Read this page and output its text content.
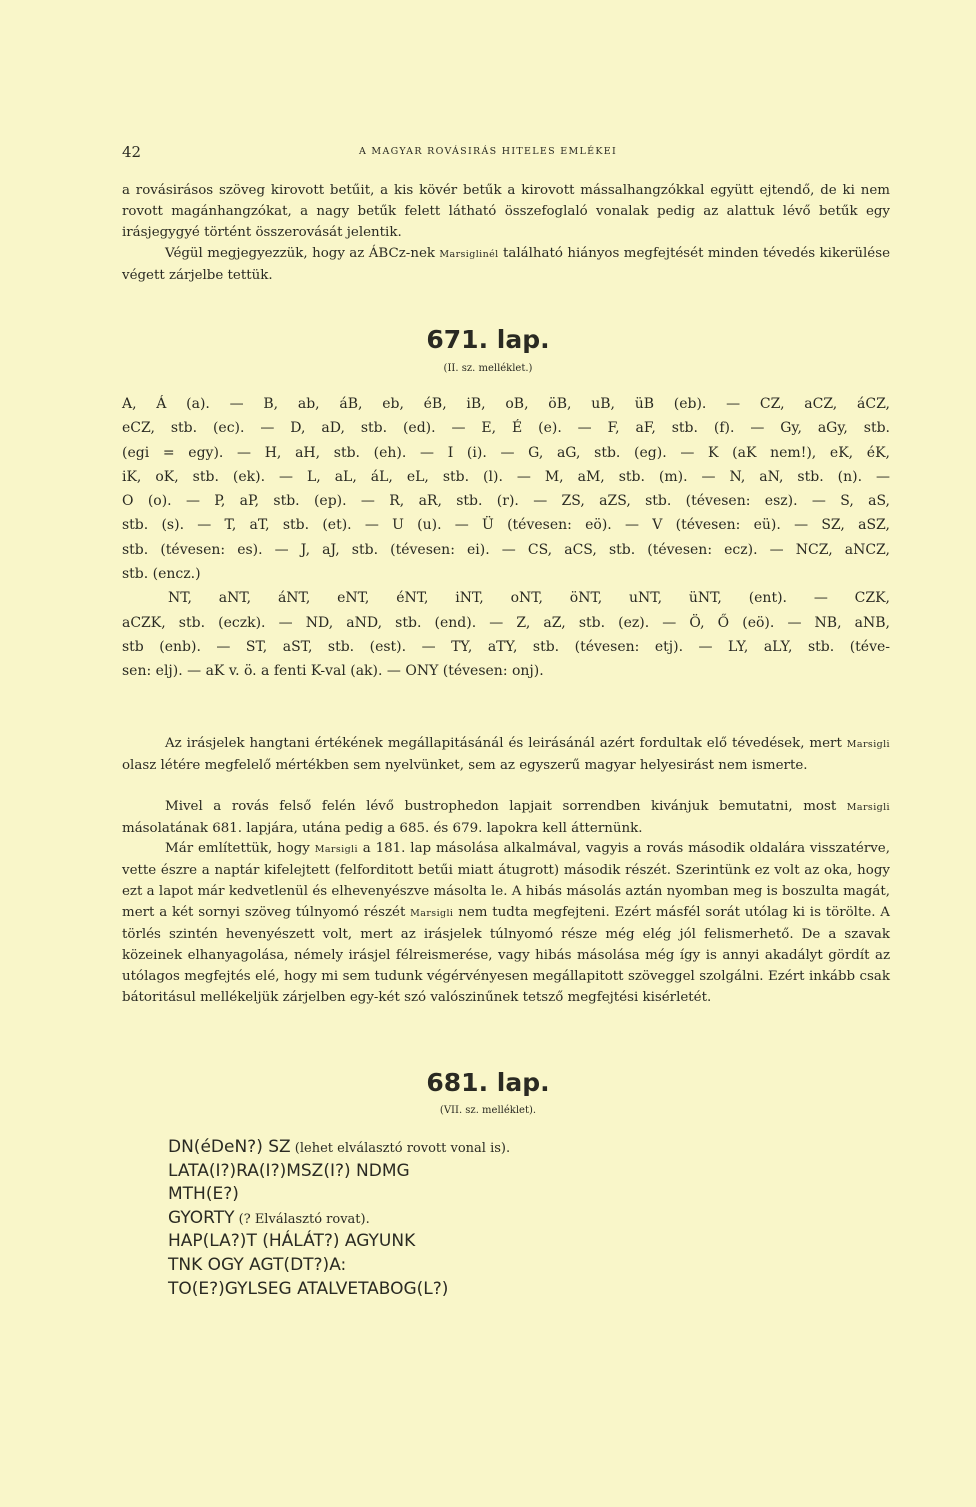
42	A MAGYAR ROVÁSIRÁS HITELES EMLÉKEI

a rovásirásos szöveg kirovott betűit, a kis kövér betűk a kirovott mássalhangzókkal együtt ejtendő, de ki nem rovott magánhangzókat, a nagy betűk felett látható összefoglaló vonalak pedig az alattuk lévő betűk egy irásjegygyé történt összerovását jelentik.

Végül megjegyezzük, hogy az ÁBCz-nek Marsiglinél található hiányos megfejtését minden tévedés kikerülése végett zárjelbe tettük.

671. lap.
(II. sz. melléklet.)
A, Á (a). — B, ab, áB, eb, éB, iB, oB, öB, uB, üB (eb). — CZ, aCZ, áCZ,
eCZ, stb. (ec). — D, aD, stb. (ed). — E, É (e). — F, aF, stb. (f). — Gy, aGy, stb.
(egi = egy). — H, aH, stb. (eh). — I (i). — G, aG, stb. (eg). — K (aK nem!), eK, éK,
iK, oK, stb. (ek). — L, aL, áL, eL, stb. (l). — M, aM, stb. (m). — N, aN, stb. (n). —
O (o). — P, aP, stb. (ep). — R, aR, stb. (r). — ZS, aZS, stb. (tévesen: esz). — S, aS,
stb. (s). — T, aT, stb. (et). — U (u). — Ü (tévesen: eö). — V (tévesen: eü). — SZ, aSZ,
stb. (tévesen: es). — J, aJ, stb. (tévesen: ei). — CS, aCS, stb. (tévesen: ecz). — NCZ, aNCZ,
stb. (encz.)
NT, aNT, áNT, eNT, éNT, iNT, oNT, öNT, uNT, üNT, (ent). — CZK,
aCZK, stb. (eczk). — ND, aND, stb. (end). — Z, aZ, stb. (ez). — Ö, Ő (eö). — NB, aNB,
stb (enb). — ST, aST, stb. (est). — TY, aTY, stb. (tévesen: etj). — LY, aLY, stb. (téve-
sen: elj). — aK v. ö. a fenti K-val (ak). — ONY (tévesen: onj).

Az irásjelek hangtani értékének megállapitásánál és leirásánál azért fordultak elő tévedések, mert Marsigli olasz létére megfelelő mértékben sem nyelvünket, sem az egyszerű magyar helyesirást nem ismerte.

Mivel a rovás felső felén lévő bustrophedon lapjait sorrendben kivánjuk bemutatni, most Marsigli másolatának 681. lapjára, utána pedig a 685. és 679. lapokra kell átternünk.

Már említettük, hogy Marsigli a 181. lap másolása alkalmával, vagyis a rovás második oldalára visszatérve, vette észre a naptár kifelejtett (felforditott betűi miatt átugrott) második részét. Szerintünk ez volt az oka, hogy ezt a lapot már kedvetlenül és elhevenyészve másolta le. A hibás másolás aztán nyomban meg is boszulta magát, mert a két sornyi szöveg túlnyomó részét Marsigli nem tudta megfejteni. Ezért másfél sorát utólag ki is törölte. A törlés szintén hevenyészett volt, mert az irásjelek túlnyomó része még elég jól felismerhető. De a szavak közeinek elhanyagolása, némely irásjel félreismerése, vagy hibás másolása még így is annyi akadályt gördít az utólagos megfejtés elé, hogy mi sem tudunk végérvényesen megállapitott szöveggel szolgálni. Ezért inkább csak bátoritásul mellékeljük zárjelben egy-két szó valószinűnek tetsző megfejtési kisérletét.

681. lap.
(VII. sz. melléklet).
DN(éDeN?) SZ (lehet elválasztó rovott vonal is).
LATA(I?)RA(I?)MSZ(I?) NDMG
MTH(E?)
GYORTY (? Elválasztó rovat).
HAP(LA?)T (HÁLÁT?) AGYUNK
TNK OGY AGT(DT?)A:
TO(E?)GYLSEG ATALVETABOG(L?)
